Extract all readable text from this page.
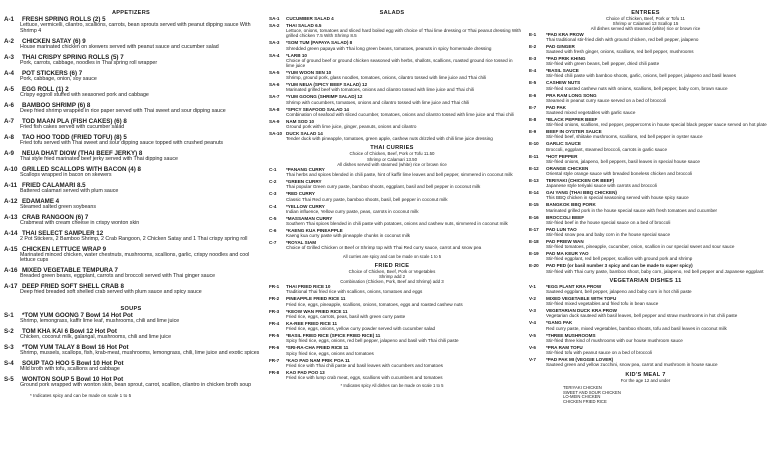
APPETIZERS
A-1 FRESH SPRING ROLLS (2) 5
Lettuce, vermicelli, cilantro, scallions, carrots, bean sprouts served with peanut dipping sauce With Shrimp 4
A-2 CHICKEN SATAY (6) 9
House marinated chicken on skewers served with peanut sauce and cucumber salad
A-3 THAI CRISPY SPRING ROLLS (5) 7
Pork, carrots, cabbage, noodles in Thai spring roll wrapper
A-4 POT STICKERS (6) 7
Pork, cabbage, onion, soy sauce
A-5 EGG ROLL (1) 2
Crispy eggroll stuffed with seasoned pork and cabbage
A-6 BAMBOO SHRIMP (6) 8
Deep fried shrimp wrapped in rice paper served with Thai sweet and sour dipping sauce
A-7 TOD MAAN PLA (FISH CAKES) (6) 8
Fried fish cakes served with cucumber salad
A-8 TAO HOO TODD (FRIED TOFU) (8) 5
Fried tofu served with Thai sweet and sour dipping sauce topped with crushed peanuts
A-9 NEUA DHAT DIOW (THAI BEEF JERKY) 8
Thai style fried marinated beef jerky served with Thai dipping sauce
A-10 GRILLED SCALLOPS WITH BACON (4) 8
Scallops wrapped in bacon on skewers
A-11 FRIED CALAMARI 8.5
Battered calamari served with plum sauce
A-12 EDAMAME 4
Steamed salted green soybeans
A-13 CRAB RANGOON (6) 7
Crabmeat with cream cheese in crispy wonton skin
A-14 THAI SELECT SAMPLER 12
2 Pot Stickers, 2 Bamboo Shrimp, 2 Crab Rangoon, 2 Chicken Satay and 1 Thai crispy spring roll
A-15 CHICKEN LETTUCE WRAP 9
Marinated minced chicken, water chestnuts, mushrooms, scallions, garlic, crispy noodles and cool lettuce cups
A-16 MIXED VEGETABLE TEMPURA 7
Breaded green beans, eggplant, carrots and broccoli served with Thai ginger sauce
A-17 DEEP FRIED SOFT SHELL CRAB 8
Deep fried breaded soft shelled crab served with plum sauce and spicy sauce
SOUPS
S-1 *TOM YUM GOONG 7 Bowl 14 Hot Pot
Shrimp, lemongrass, kaffir lime leaf, mushrooms, chili and lime juice
S-2 TOM KHA KAI 6 Bowl 12 Hot Pot
Chicken, coconut milk, galangal, mushrooms, chili and lime juice
S-3 *TOM YUM TALAY 8 Bowl 16 Hot Pot
Shrimp, mussels, scallops, fish, krab-meat, mushrooms, lemongrass, chili, lime juice and exotic spices
S-4 SOUP TAO HOO 5 Bowl 10 Hot Pot
Mild broth with tofu, scallions and cabbage
S-5 WONTON SOUP 5 Bowl 10 Hot Pot
Ground pork wrapped with wonton skin, bean sprout, carrot, scallion, cilantro in chicken broth soup
* Indicates spicy and can be made on scale 1 to 5
SALADS
SA-1 CUCUMBER SALAD 4
SA-2 THAI SALAD 6.5
Lettuce, onions, tomatoes and sliced hard boiled egg with choice of Thai lime dressing or Thai peanut dressing With grilled chicken 7.5 With Shrimp 8.5
SA-3 *SOM TUM (PAPAYA SALAD) 8
Shredded green papaya with Thai long green beans, tomatoes, peanuts in spicy homemade dressing
SA-4 *LARB 10
Choice of ground beef or ground chicken seasoned with herbs, shallots, scallions, roasted ground rice tossed in lime juice
SA-5 *YUM WOON SEN 10
Shrimp, ground pork, glass noodles, tomatoes, onions, cilantro tossed with lime juice and Thai chili
SA-6 *YUM NEUA (SPICY BEEF SALAD) 12
Marinated grilled beef with tomatoes, onions and cilantro tossed with lime juice and Thai chili
SA-7 *YUM GOONG (SHRIMP SALAD) 12
Shrimp with cucumbers, tomatoes, onions and cilantro tossed with lime juice and Thai chili
SA-8 *SPICY SEAFOOD SALAD 14
Combination of seafood with sliced cucumber, tomatoes, onions and cilantro tossed with lime juice and Thai chili
SA-9 NAM SOD 10
Ground pork with lime juice, ginger, peanuts, onions and cilantro
SA-10 DUCK SALAD 14
Tender duck with pineapple, tomatoes, green apple, cashew nuts drizzled with chili lime juice dressing
THAI CURRIES
Choice of Chicken, Beef, Pork or Tofu 11.50
Shrimp or Calamari 13.50
All dishes served with steamed (white) rice or brown rice
C-1 *PANANG CURRY
Thai herbs and spices blended in chili paste, hint of kaffir lime leaves and bell pepper, simmered in coconut milk
C-2 *GREEN CURRY
Thai popular Green curry paste, bamboo shoots, eggplant, basil and bell pepper in coconut milk
C-3 *RED CURRY
Classic Thai Red curry paste, bamboo shoots, basil, bell pepper in coconut milk
C-4 *YELLOW CURRY
Indian influence, Yellow curry paste, peas, carrots in coconut milk
C-5 *MASSAMAN CURRY
Southern Thai spices blended in chili paste with potatoes, onions and cashew nuts, simmered in coconut milk
C-6 *KAENG KUA PINEAPPLE
Kaeng kua curry paste with pineapple chunks in coconut milk
C-7 *ROYAL SIAM
Choice of Grilled Chicken or Beef or Shrimp top with Thai Red curry sauce, carrot and snow pea
All curries are spicy and can be made on scale 1 to 5
FRIED RICE
Choice of Chicken, Beef, Pork or Vegetables
Shrimp add 2
Combination (Chicken, Pork, Beef and Shrimp) add 3
FR-1 THAI FRIED RICE 10
Traditional Thai fried rice with scallions, onions, tomatoes and eggs
FR-2 PINEAPPLE FRIED RICE 11
Fried rice, eggs, pineapple, scallions, onions, tomatoes, eggs and roasted cashew nuts
FR-3 *KEOW WAN FRIED RICE 11
Fried rice, eggs, carrots, peas, basil with green curry paste
FR-4 KA-REE FRIED RICE 11
Fried rice, eggs, onions, yellow curry powder served with cucumber salad
FR-5 *BASIL FRIED RICE (SPICE FRIED RICE) 11
Spicy fried rice, eggs, onions, red bell pepper, jalapeno and basil with Thai chili paste
FR-6 *SRI-RA-CHA FRIED RICE 11
Spicy fried rice, eggs, onions and tomatoes
FR-7 *KAO PAD NAM PRIK POA 11
Fried rice with Thai chili paste and basil leaves with cucumbers and tomatoes
FR-8 KAO PAD POO 13
Fried rice with lump crab meat, eggs, scallions with cucumbers and tomatoes
* Indicates spicy All dishes can be made on scale 1 to 5
ENTREES
Choice of Chicken, Beef, Pork or Tofu 11
Shrimp or Calamari 13 Scallop 15
All dishes served with steamed (white) rice or brown rice
E-1 *PAD KRA PROW
Thai traditional stir-fried dish with ground chicken, red bell pepper, jalapeno
E-2 PAD GINGER
Sauteed with fresh ginger, onions, scallions, red bell pepper, mushrooms
E-3 *PAD PRIK KHING
Stir-fried with green beans, bell pepper, dried chili paste
E-4 *BASIL SAUCE
Stir-fried chili paste with bamboo shoots, garlic, onions, bell pepper, jalapeno and basil leaves
E-5 CASHEW NUTS
Stir-fried roasted cashew nuts with onions, scallions, bell pepper, baby corn, brown sauce
E-6 PRA RAM LONG SONG
Steamed in peanut curry sauce served on a bed of broccoli
E-7 PAD PAK
Sauteed mixed vegetables with garlic sauce
E-8 *BLACK PEPPER BEEF
Stir-fried onions, scallions, red pepper, peppercorns in house special black pepper sauce served on hot plate
E-9 BEEF IN OYSTER SAUCE
Stir-fried beef, shiitake mushrooms, scallions, red bell pepper in oyster sauce
E-10 GARLIC SAUCE
Broccoli, eggplant, steamed broccoli, carrots in garlic sauce
E-11 *HOT PEPPER
Stir-fried onions, jalapeno, bell peppers, basil leaves in special house sauce
E-12 ORANGE CHICKEN
Oriental style orange sauce with breaded boneless chicken and broccoli
E-13 TERIYAKI (CHICKEN OR BEEF)
Japanese style teriyaki sauce with carrots and broccoli
E-14 GAI YANG (THAI BBQ CHICKEN)
This BBQ chicken in special seasoning served with house spicy sauce
E-15 BANGKOK BBQ PORK
Marinated grilled pork in the house special sauce with fresh tomatoes and cucumber
E-16 BROCCOLI BEEF
Stir-fried beef in the house special sauce on a bed of broccoli
E-17 PAD LUN TAO
Stir-fried snow pea and baby corn in the house special sauce
E-18 PAD PRIEW WAN
Stir-fried tomatoes, pineapple, cucumber, onion, scallion in our special sweet and sour sauce
E-19 PAD MA KEUR YAO
Stir-fried eggplant, red bell pepper, scallion with ground pork and shrimp
E-20 PAD PED (or basil number 3 spicy and can be made to super spicy)
Stir-fried with Thai curry paste, bamboo shoot, baby corn, jalapeno, red bell pepper and Japanese eggplant
VEGETARIAN DISHES 11
V-1 *EGG PLANT KRA PROW
Sauteed eggplant, bell pepper, jalapeno and baby corn in hot chili paste
V-2 MIXED VEGETABLE WITH TOFU
Stir-fried mixed vegetables and fried tofu in bean sauce
V-3 VEGETARIAN DUCK KRA PROW
Vegetarian duck sauteed with basil leaves, bell pepper and straw mushrooms in hot chili paste
V-4 *GANG PAK
Red curry paste, mixed vegetables, bamboo shoots, tofu and basil leaves in coconut milk
V-5 *THREE MUSHROOMS
Stir-fried three kind of mushrooms with our house mushroom sauce
V-6 *PRA RAM TOFU
Stir-fried tofu with peanut sauce on a bed of broccoli
V-7 *PAD PAK MI (VEGGIE LOVER)
Sauteed green and yellow zucchini, snow pea, carrot and mushroom in house sauce
KID'S MEAL 7
For the age 12 and under
TERIYAKI CHICKEN
SWEET AND SOUR CHICKEN
LO-MEIN CHICKEN
CHICKEN FRIED RICE
